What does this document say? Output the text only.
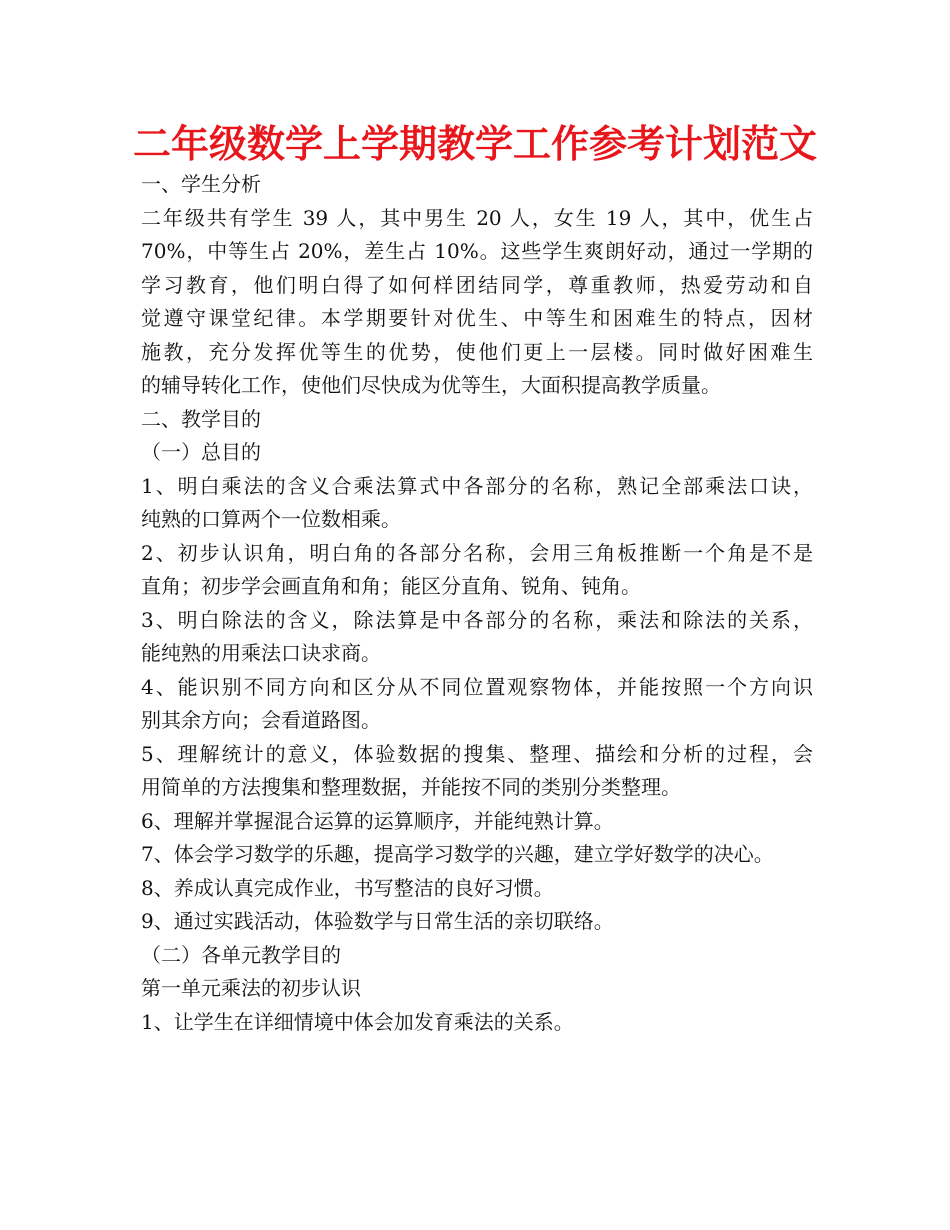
二年级数学上学期教学工作参考计划范文
一、学生分析
二年级共有学生 39 人，其中男生 20 人，女生 19 人，其中，优生占
70%，中等生占 20%，差生占 10%。这些学生爽朗好动，通过一学期的
学习教育，他们明白得了如何样团结同学，尊重教师，热爱劳动和自
觉遵守课堂纪律。本学期要针对优生、中等生和困难生的特点，因材
施教，充分发挥优等生的优势，使他们更上一层楼。同时做好困难生
的辅导转化工作，使他们尽快成为优等生，大面积提高教学质量。
二、教学目的
（一）总目的
1、明白乘法的含义合乘法算式中各部分的名称，熟记全部乘法口诀，
纯熟的口算两个一位数相乘。
2、初步认识角，明白角的各部分名称，会用三角板推断一个角是不是
直角；初步学会画直角和角；能区分直角、锐角、钝角。
3、明白除法的含义，除法算是中各部分的名称，乘法和除法的关系，
能纯熟的用乘法口诀求商。
4、能识别不同方向和区分从不同位置观察物体，并能按照一个方向识
别其余方向；会看道路图。
5、理解统计的意义，体验数据的搜集、整理、描绘和分析的过程，会
用简单的方法搜集和整理数据，并能按不同的类别分类整理。
6、理解并掌握混合运算的运算顺序，并能纯熟计算。
7、体会学习数学的乐趣，提高学习数学的兴趣，建立学好数学的决心。
8、养成认真完成作业，书写整洁的良好习惯。
9、通过实践活动，体验数学与日常生活的亲切联络。
（二）各单元教学目的
第一单元乘法的初步认识
1、让学生在详细情境中体会加发育乘法的关系。
